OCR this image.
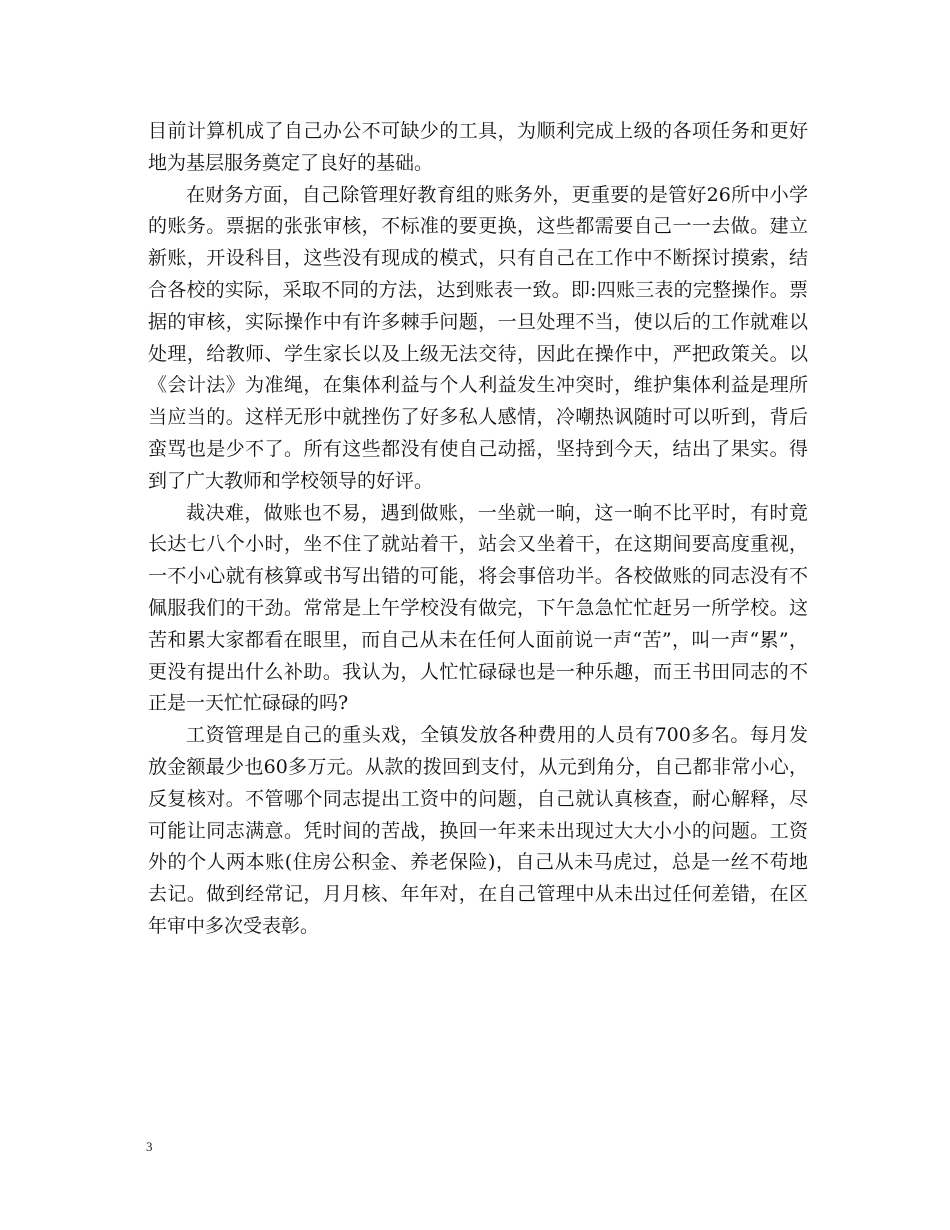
目前计算机成了自己办公不可缺少的工具，为顺利完成上级的各项任务和更好地为基层服务奠定了良好的基础。

在财务方面，自己除管理好教育组的账务外，更重要的是管好26所中小学的账务。票据的张张审核，不标准的要更换，这些都需要自己一一去做。建立新账，开设科目，这些没有现成的模式，只有自己在工作中不断探讨摸索，结合各校的实际，采取不同的方法，达到账表一致。即:四账三表的完整操作。票据的审核，实际操作中有许多棘手问题，一旦处理不当，使以后的工作就难以处理，给教师、学生家长以及上级无法交待，因此在操作中，严把政策关。以《会计法》为准绳，在集体利益与个人利益发生冲突时，维护集体利益是理所当应当的。这样无形中就挫伤了好多私人感情，冷嘲热讽随时可以听到，背后蛮骂也是少不了。所有这些都没有使自己动摇，坚持到今天，结出了果实。得到了广大教师和学校领导的好评。

裁决难，做账也不易，遇到做账，一坐就一晌，这一晌不比平时，有时竟长达七八个小时，坐不住了就站着干，站会又坐着干，在这期间要高度重视，一不小心就有核算或书写出错的可能，将会事倍功半。各校做账的同志没有不佩服我们的干劲。常常是上午学校没有做完，下午急急忙忙赶另一所学校。这苦和累大家都看在眼里，而自己从未在任何人面前说一声“苦”，叫一声“累”，更没有提出什么补助。我认为，人忙忙碌碌也是一种乐趣，而王书田同志的不正是一天忙忙碌碌的吗?

工资管理是自己的重头戏，全镇发放各种费用的人员有700多名。每月发放金额最少也60多万元。从款的拨回到支付，从元到角分，自己都非常小心，反复核对。不管哪个同志提出工资中的问题，自己就认真核查，耐心解释，尽可能让同志满意。凭时间的苦战，换回一年来未出现过大大小小的问题。工资外的个人两本账(住房公积金、养老保险)，自己从未马虎过，总是一丝不苟地去记。做到经常记，月月核、年年对，在自己管理中从未出过任何差错，在区年审中多次受表彰。

3
